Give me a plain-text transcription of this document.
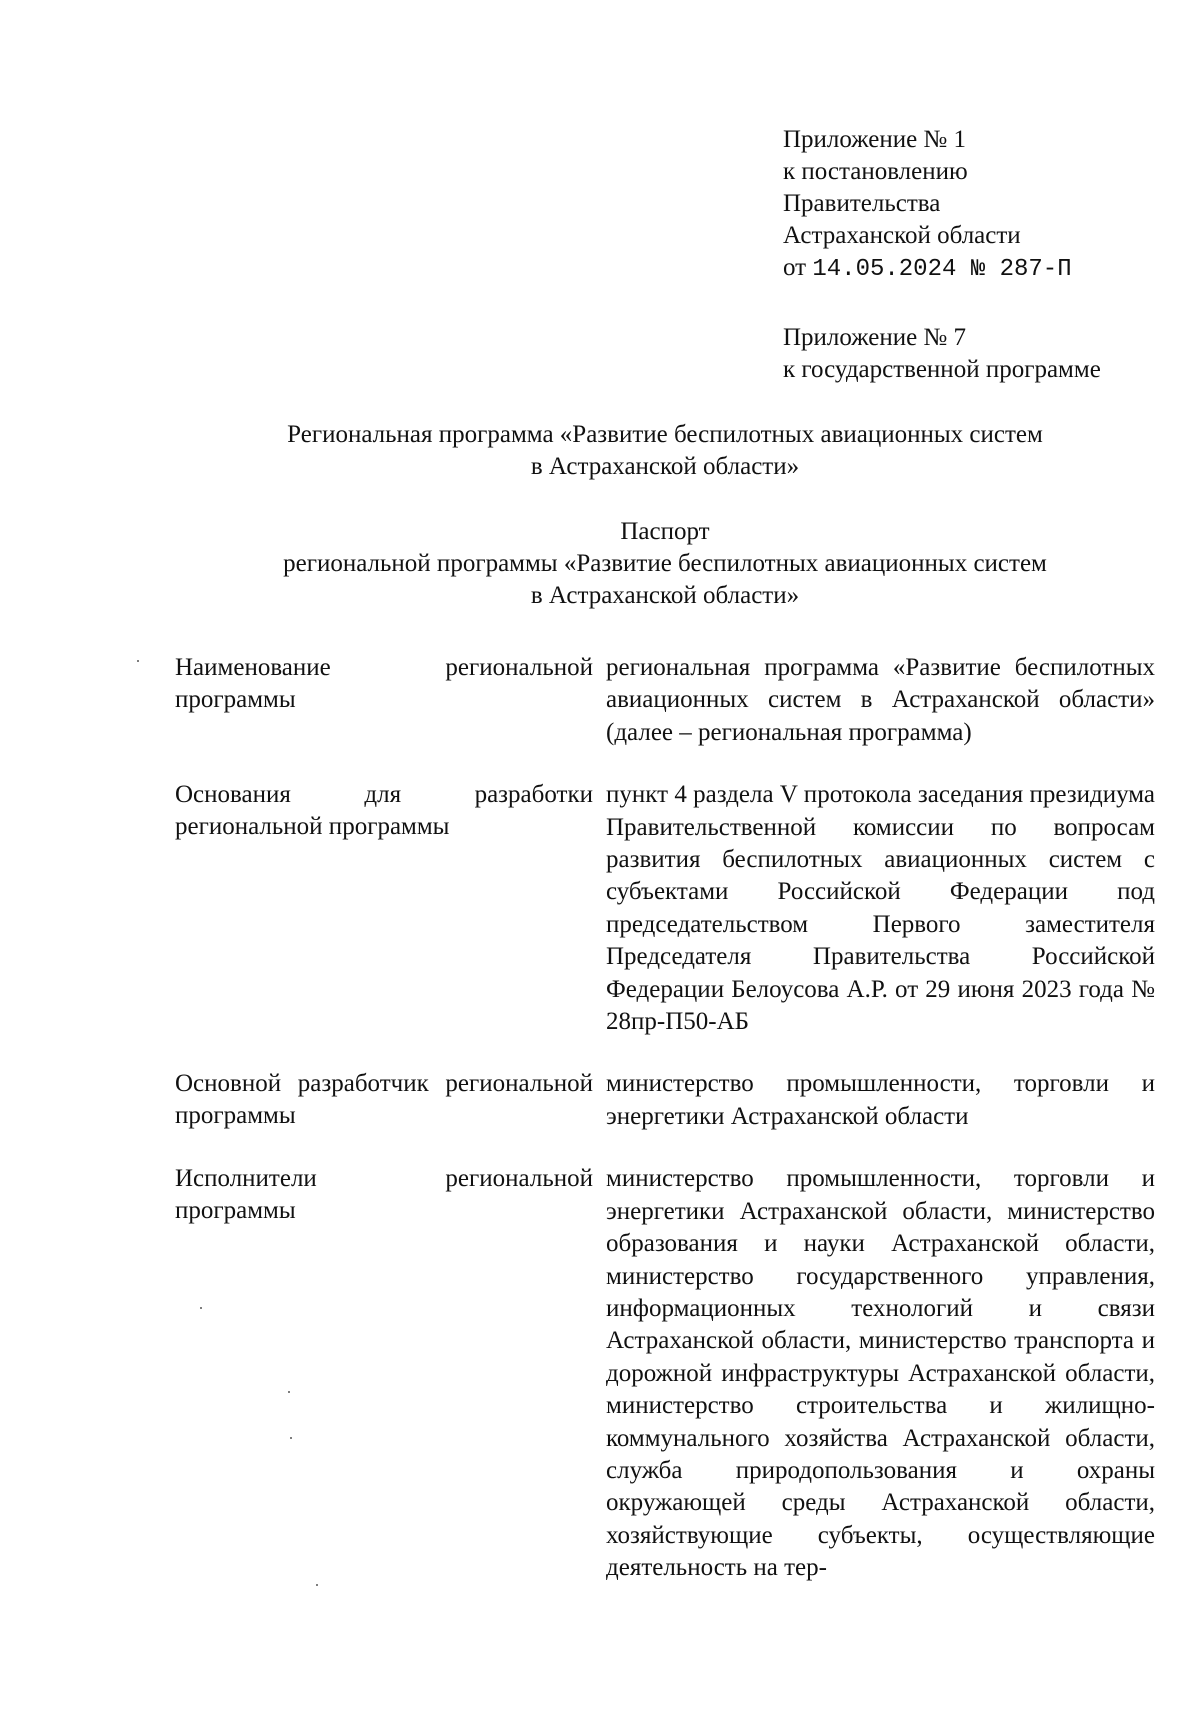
Приложение № 1
к постановлению
Правительства
Астраханской области
от 14.05.2024 № 287-П
Приложение № 7
к государственной программе
Региональная программа «Развитие беспилотных авиационных систем
в Астраханской области»
Паспорт
региональной программы «Развитие беспилотных авиационных систем
в Астраханской области»
Наименование региональной программы
региональная программа «Развитие беспилотных авиационных систем в Астраханской области» (далее – региональная программа)
Основания для разработки региональной программы
пункт 4 раздела V протокола заседания президиума Правительственной комиссии по вопросам развития беспилотных авиационных систем с субъектами Российской Федерации под председательством Первого заместителя Председателя Правительства Российской Федерации Белоусова А.Р. от 29 июня 2023 года № 28пр-П50-АБ
Основной разработчик региональной программы
министерство промышленности, торговли и энергетики Астраханской области
Исполнители региональной программы
министерство промышленности, торговли и энергетики Астраханской области, министерство образования и науки Астраханской области, министерство государственного управления, информационных технологий и связи Астраханской области, министерство транспорта и дорожной инфраструктуры Астраханской области, министерство строительства и жилищно-коммунального хозяйства Астраханской области, служба природопользования и охраны окружающей среды Астраханской области, хозяйствующие субъекты, осуществляющие деятельность на тер-
